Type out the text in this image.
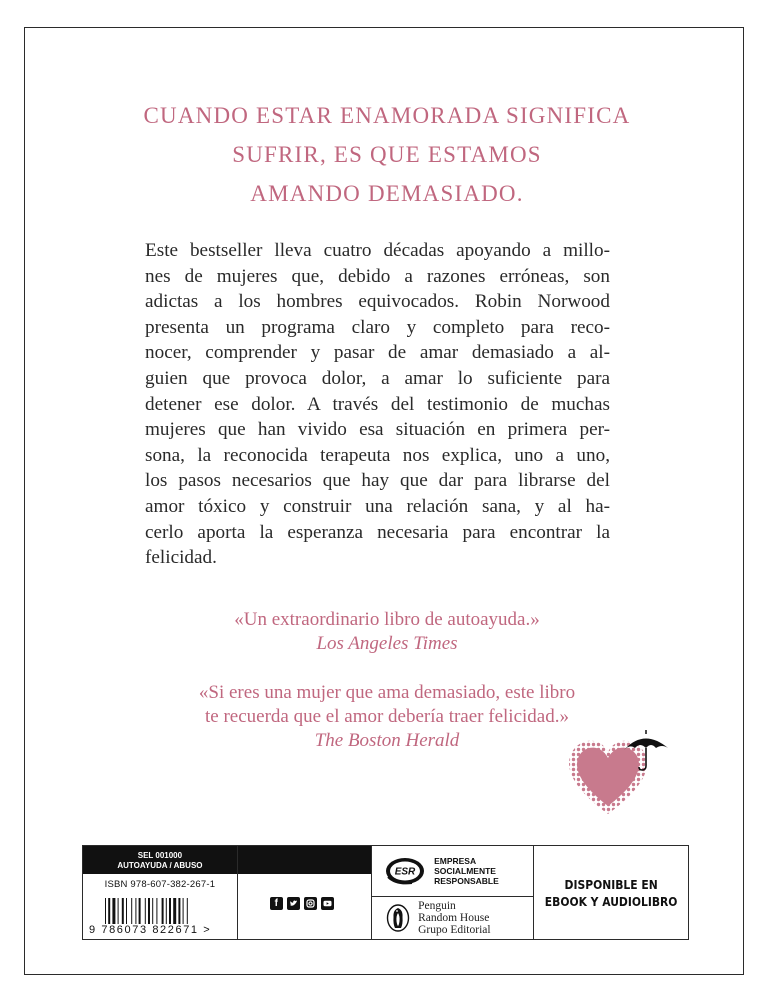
CUANDO ESTAR ENAMORADA SIGNIFICA
SUFRIR, ES QUE ESTAMOS
AMANDO DEMASIADO.
Este bestseller lleva cuatro décadas apoyando a millo-
nes de mujeres que, debido a razones erróneas, son
adictas a los hombres equivocados. Robin Norwood
presenta un programa claro y completo para reco-
nocer, comprender y pasar de amar demasiado a al-
guien que provoca dolor, a amar lo suficiente para
detener ese dolor. A través del testimonio de muchas
mujeres que han vivido esa situación en primera per-
sona, la reconocida terapeuta nos explica, uno a uno,
los pasos necesarios que hay que dar para librarse del
amor tóxico y construir una relación sana, y al ha-
cerlo aporta la esperanza necesaria para encontrar la
felicidad.
«Un extraordinario libro de autoayuda.»
Los Angeles Times
«Si eres una mujer que ama demasiado, este libro
te recuerda que el amor debería traer felicidad.»
The Boston Herald
SEL 001000
AUTOAYUDA / ABUSO
ISBN 978-607-382-267-1
9 786073 822671 >
f
ESR
EMPRESA
SOCIALMENTE
RESPONSABLE
Penguin
Random House
Grupo Editorial
DISPONIBLE EN
EBOOK Y AUDIOLIBRO
